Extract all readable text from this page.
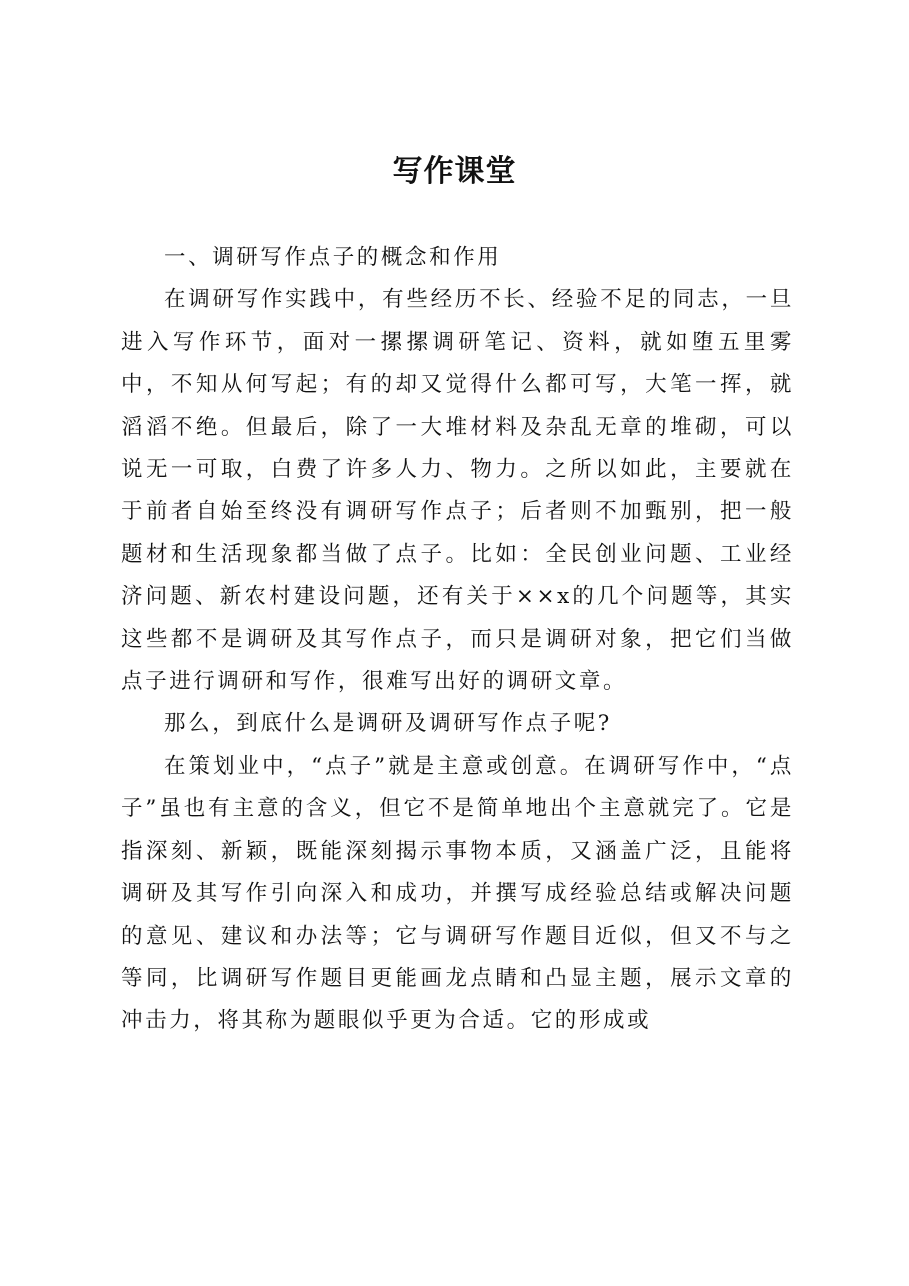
写作课堂

一、调研写作点子的概念和作用

在调研写作实践中，有些经历不长、经验不足的同志，一旦进入写作环节，面对一摞摞调研笔记、资料，就如堕五里雾中，不知从何写起；有的却又觉得什么都可写，大笔一挥，就滔滔不绝。但最后，除了一大堆材料及杂乱无章的堆砌，可以说无一可取，白费了许多人力、物力。之所以如此，主要就在于前者自始至终没有调研写作点子；后者则不加甄别，把一般题材和生活现象都当做了点子。比如：全民创业问题、工业经济问题、新农村建设问题，还有关于××x的几个问题等，其实这些都不是调研及其写作点子，而只是调研对象，把它们当做点子进行调研和写作，很难写出好的调研文章。

那么，到底什么是调研及调研写作点子呢?

在策划业中，“点子”就是主意或创意。在调研写作中，“点子”虽也有主意的含义，但它不是简单地出个主意就完了。它是指深刻、新颖，既能深刻揭示事物本质，又涵盖广泛，且能将调研及其写作引向深入和成功，并撰写成经验总结或解决问题的意见、建议和办法等；它与调研写作题目近似，但又不与之等同，比调研写作题目更能画龙点睛和凸显主题，展示文章的冲击力，将其称为题眼似乎更为合适。它的形成或
